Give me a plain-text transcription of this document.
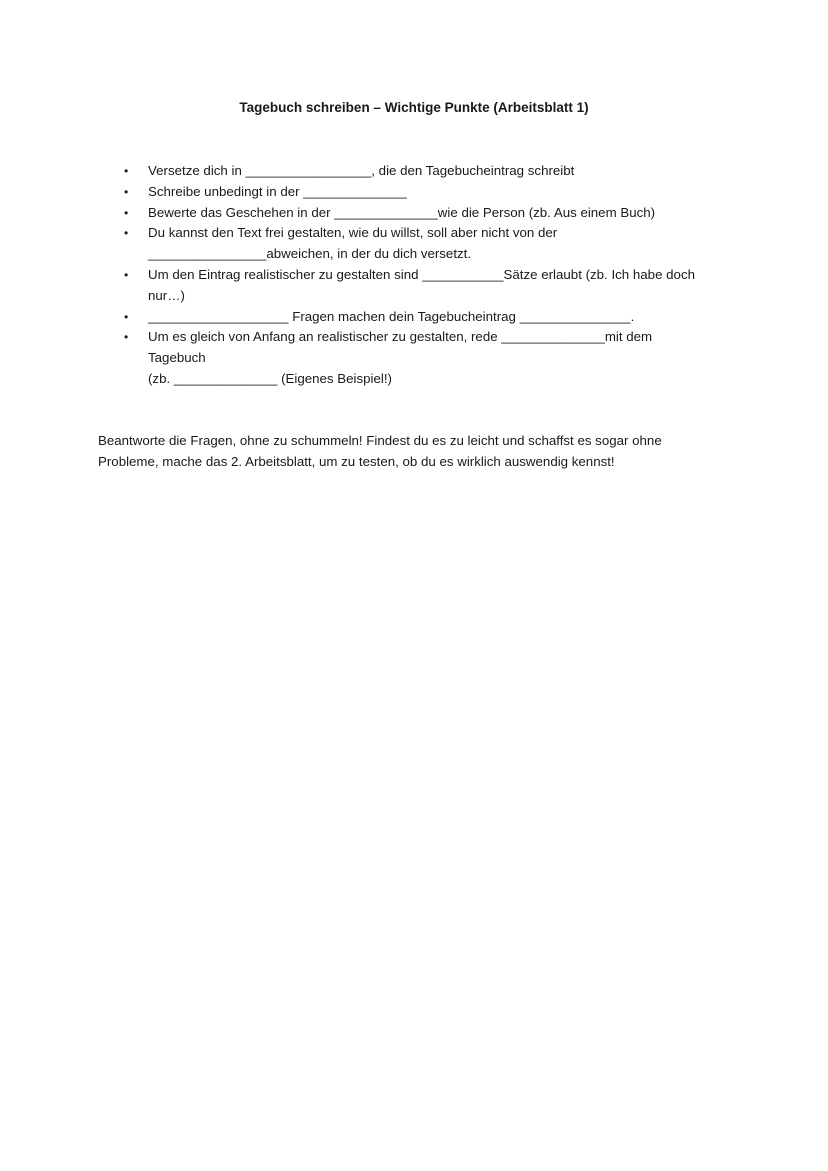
Tagebuch schreiben – Wichtige Punkte (Arbeitsblatt 1)
• Versetze dich in _________________, die den Tagebucheintrag schreibt
• Schreibe unbedingt in der ______________
• Bewerte das Geschehen in der ______________wie die Person (zb. Aus einem Buch)
• Du kannst den Text frei gestalten, wie du willst, soll aber nicht von der
________________abweichen, in der du dich versetzt.
• Um den Eintrag realistischer zu gestalten sind ___________Sätze erlaubt (zb. Ich habe doch
nur…)
• ___________________ Fragen machen dein Tagebucheintrag _______________.
• Um es gleich von Anfang an realistischer zu gestalten, rede ______________mit dem
Tagebuch
(zb. ______________ (Eigenes Beispiel!)

Beantworte die Fragen, ohne zu schummeln! Findest du es zu leicht und schaffst es sogar ohne
Probleme, mache das 2. Arbeitsblatt, um zu testen, ob du es wirklich auswendig kennst!
